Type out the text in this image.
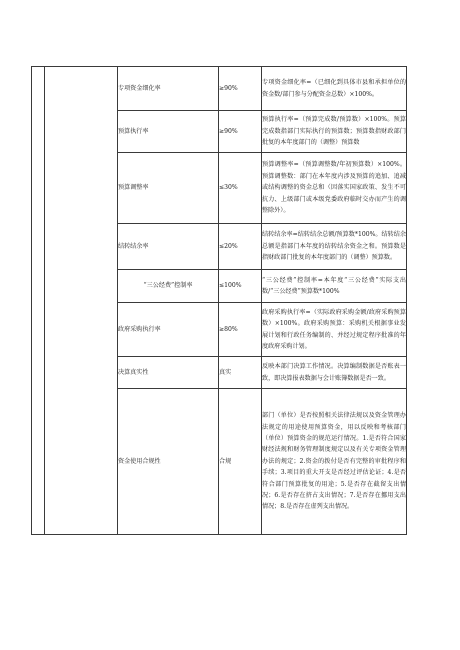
		专项资金细化率	≥90%	专项资金细化率=（已细化到具体市县和承担单位的资金数/部门参与分配资金总数）×100%。
		预算执行率	≥90%	预算执行率=（预算完成数/预算数）×100%。预算完成数指部门实际执行的预算数；预算数指财政部门批复的本年度部门的（调整）预算数
		预算调整率	≤30%	预算调整率=（预算调整数/年初预算数）×100%。预算调整数：部门在本年度内涉及预算的追加、追减或结构调整的资金总和（因落实国家政策、发生不可抗力、上级部门或本级党委政府临时交办而产生的调整除外）。
		结转结余率	≤20%	结转结余率=结转结余总额/预算数*100%。结转结余总额是指部门本年度的结转结余资金之和。预算数是指财政部门批复的本年度部门的（调整）预算数。
		“三公经费”控制率	≤100%	“三公经费”控制率=本年度“三公经费”实际支出数/“三公经费”预算数*100%
		政府采购执行率	≥80%	政府采购执行率=（实际政府采购金额/政府采购预算数）×100%。政府采购预算：采购机关根据事业发展计划和行政任务编制的、并经过规定程序批准的年度政府采购计划。
		决算真实性	真实	反映本部门决算工作情况。决算编制数据是否账表一致，即决算报表数据与会计账簿数据是否一致。
		资金使用合规性	合规	部门（单位）是否按照相关法律法规以及资金管理办法规定的用途使用预算资金，用以反映和考核部门（单位）预算资金的规范运行情况。1.是否符合国家财经法规和财务管理制度规定以及有关专项资金管理办法的规定；2.资金的拨付是否有完整的审批程序和手续；3.项目的重大开支是否经过评估论证；4.是否符合部门预算批复的用途；5.是否存在截留支出情况；6.是否存在挤占支出情况；7.是否存在挪用支出情况；8.是否存在虚列支出情况。
